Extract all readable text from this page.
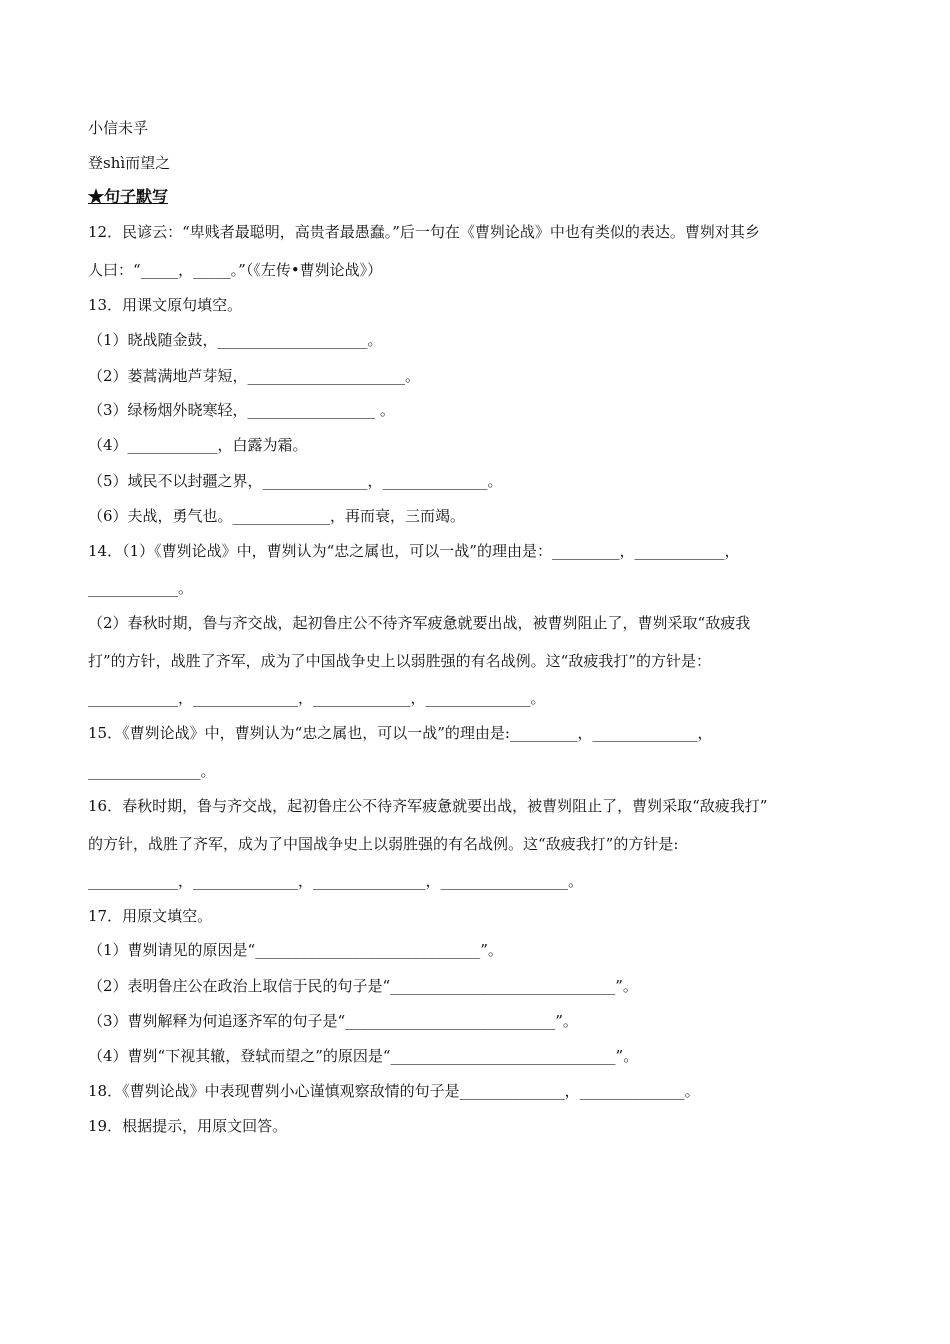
小信未孚
登shì而望之
★句子默写
12．民谚云：“卑贱者最聪明，高贵者最愚蠢。”后一句在《曹刿论战》中也有类似的表达。曹刿对其乡
人曰：“_____，_____。”（《左传•曹刿论战》）
13．用课文原句填空。
（1）晓战随金鼓，____________________。
（2）蒌蒿满地芦芽短，_____________________。
（3）绿杨烟外晓寒轻，_________________ 。
（4）____________，白露为霜。
（5）域民不以封疆之界，______________，______________。
（6）夫战，勇气也。_____________，再而衰，三而竭。
14．（1）《曹刿论战》中，曹刿认为“忠之属也，可以一战”的理由是：_________，____________，
____________。
（2）春秋时期，鲁与齐交战，起初鲁庄公不待齐军疲惫就要出战，被曹刿阻止了，曹刿采取“敌疲我
打”的方针，战胜了齐军，成为了中国战争史上以弱胜强的有名战例。这“敌疲我打”的方针是：
____________，______________，_____________，______________。
15．《曹刿论战》中，曹刿认为“忠之属也，可以一战”的理由是:_________，______________，
_______________。
16．春秋时期，鲁与齐交战，起初鲁庄公不待齐军疲惫就要出战，被曹刿阻止了，曹刿采取“敌疲我打”
的方针，战胜了齐军，成为了中国战争史上以弱胜强的有名战例。这“敌疲我打”的方针是:
____________，______________，_______________，_________________。
17．用原文填空。
（1）曹刿请见的原因是“______________________________”。
（2）表明鲁庄公在政治上取信于民的句子是“______________________________”。
（3）曹刿解释为何追逐齐军的句子是“____________________________”。
（4）曹刿“下视其辙，登轼而望之”的原因是“______________________________”。
18．《曹刿论战》中表现曹刿小心谨慎观察敌情的句子是______________，______________。
19．根据提示，用原文回答。
